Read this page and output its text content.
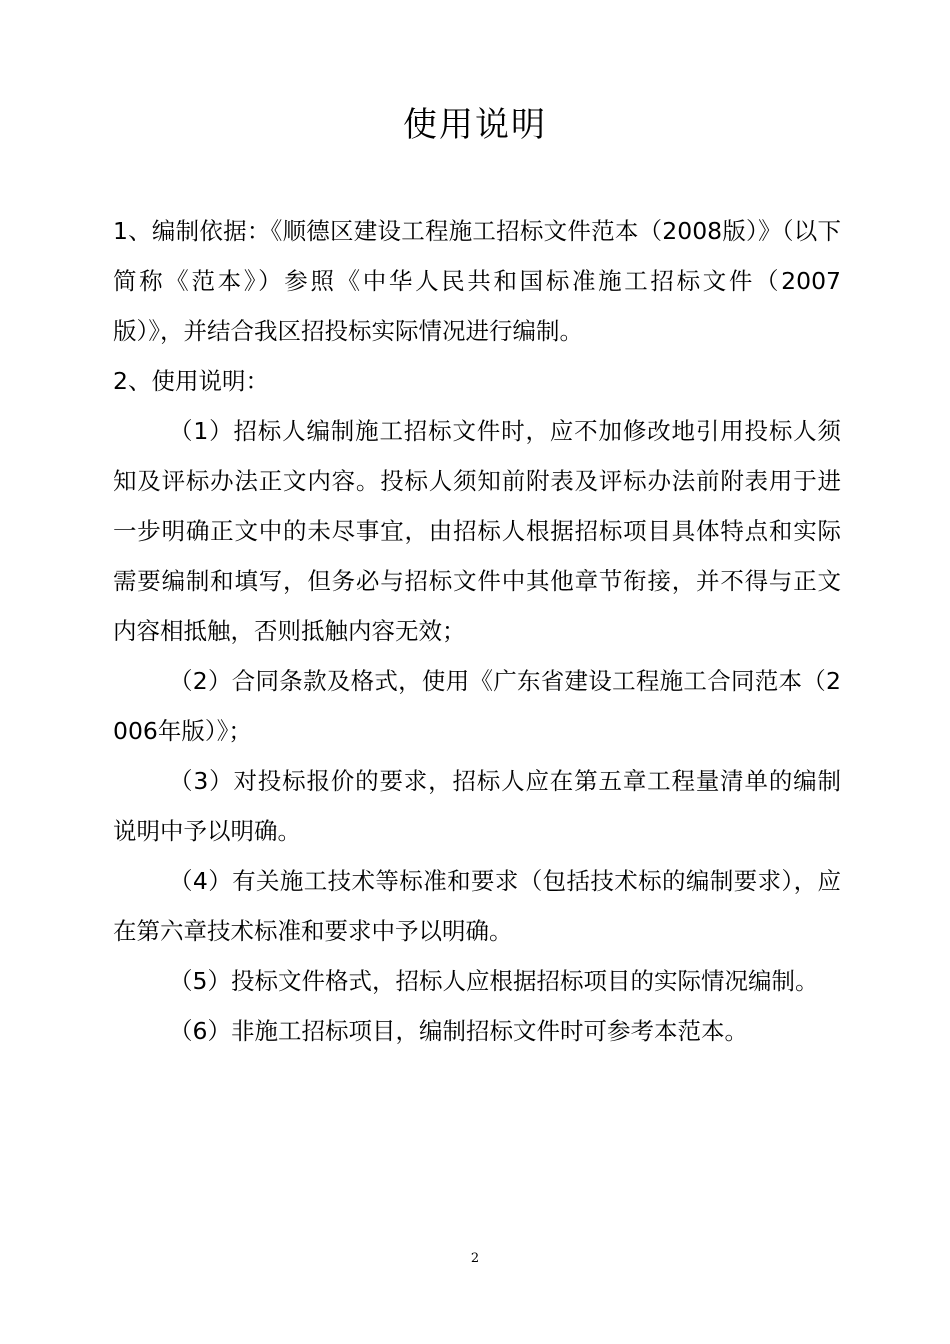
使用说明

1、编制依据：《顺德区建设工程施工招标文件范本（2008版）》（以下简称《范本》）参照《中华人民共和国标准施工招标文件（2007版）》，并结合我区招投标实际情况进行编制。

2、使用说明：

（1）招标人编制施工招标文件时，应不加修改地引用投标人须知及评标办法正文内容。投标人须知前附表及评标办法前附表用于进一步明确正文中的未尽事宜，由招标人根据招标项目具体特点和实际需要编制和填写，但务必与招标文件中其他章节衔接，并不得与正文内容相抵触，否则抵触内容无效；

（2）合同条款及格式，使用《广东省建设工程施工合同范本（2006年版）》；

（3）对投标报价的要求，招标人应在第五章工程量清单的编制说明中予以明确。

（4）有关施工技术等标准和要求（包括技术标的编制要求），应在第六章技术标准和要求中予以明确。

（5）投标文件格式，招标人应根据招标项目的实际情况编制。

（6）非施工招标项目，编制招标文件时可参考本范本。

2
